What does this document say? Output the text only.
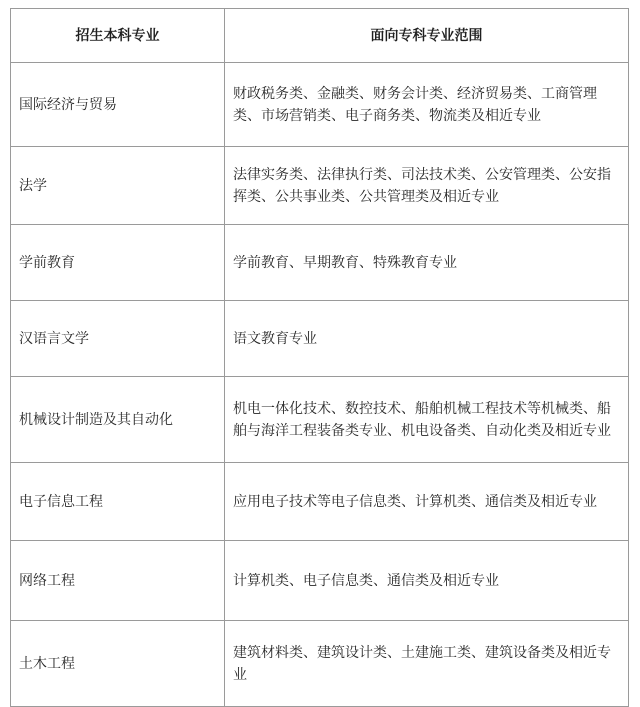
招生本科专业	面向专科专业范围
国际经济与贸易	财政税务类、金融类、财务会计类、经济贸易类、工商管理类、市场营销类、电子商务类、物流类及相近专业
法学	法律实务类、法律执行类、司法技术类、公安管理类、公安指挥类、公共事业类、公共管理类及相近专业
学前教育	学前教育、早期教育、特殊教育专业
汉语言文学	语文教育专业
机械设计制造及其自动化	机电一体化技术、数控技术、船舶机械工程技术等机械类、船舶与海洋工程装备类专业、机电设备类、自动化类及相近专业
电子信息工程	应用电子技术等电子信息类、计算机类、通信类及相近专业
网络工程	计算机类、电子信息类、通信类及相近专业
土木工程	建筑材料类、建筑设计类、土建施工类、建筑设备类及相近专业
